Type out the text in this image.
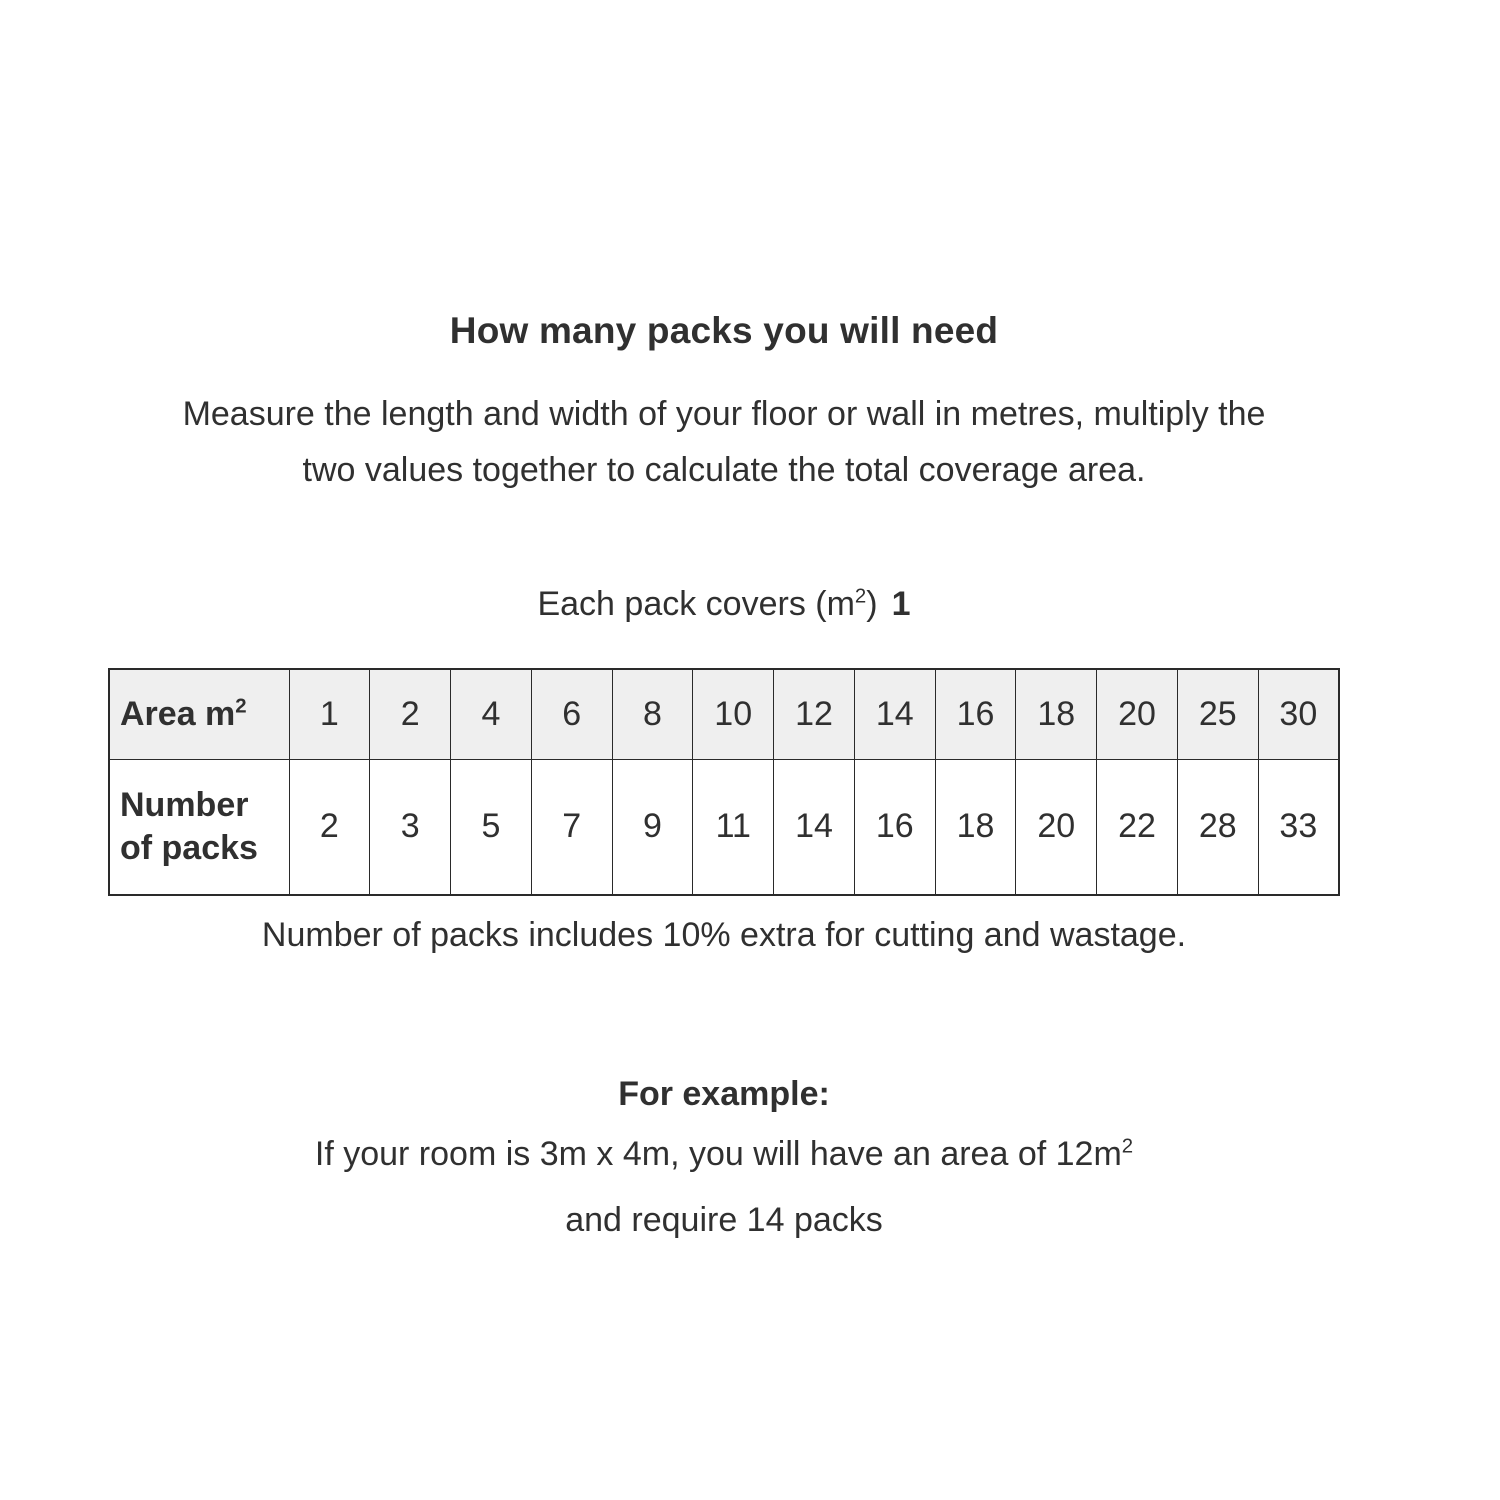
How many packs you will need

Measure the length and width of your floor or wall in metres, multiply the
two values together to calculate the total coverage area.

Each pack covers $(m^2)$ 1

Area $m^2$	1	2	4	6	8	10	12	14	16	18	20	25	30
Number of packs	2	3	5	7	9	11	14	16	18	20	22	28	33

Number of packs includes 10% extra for cutting and wastage.

For example:

If your room is 3m x 4m, you will have an area of $12m^2$

and require 14 packs
